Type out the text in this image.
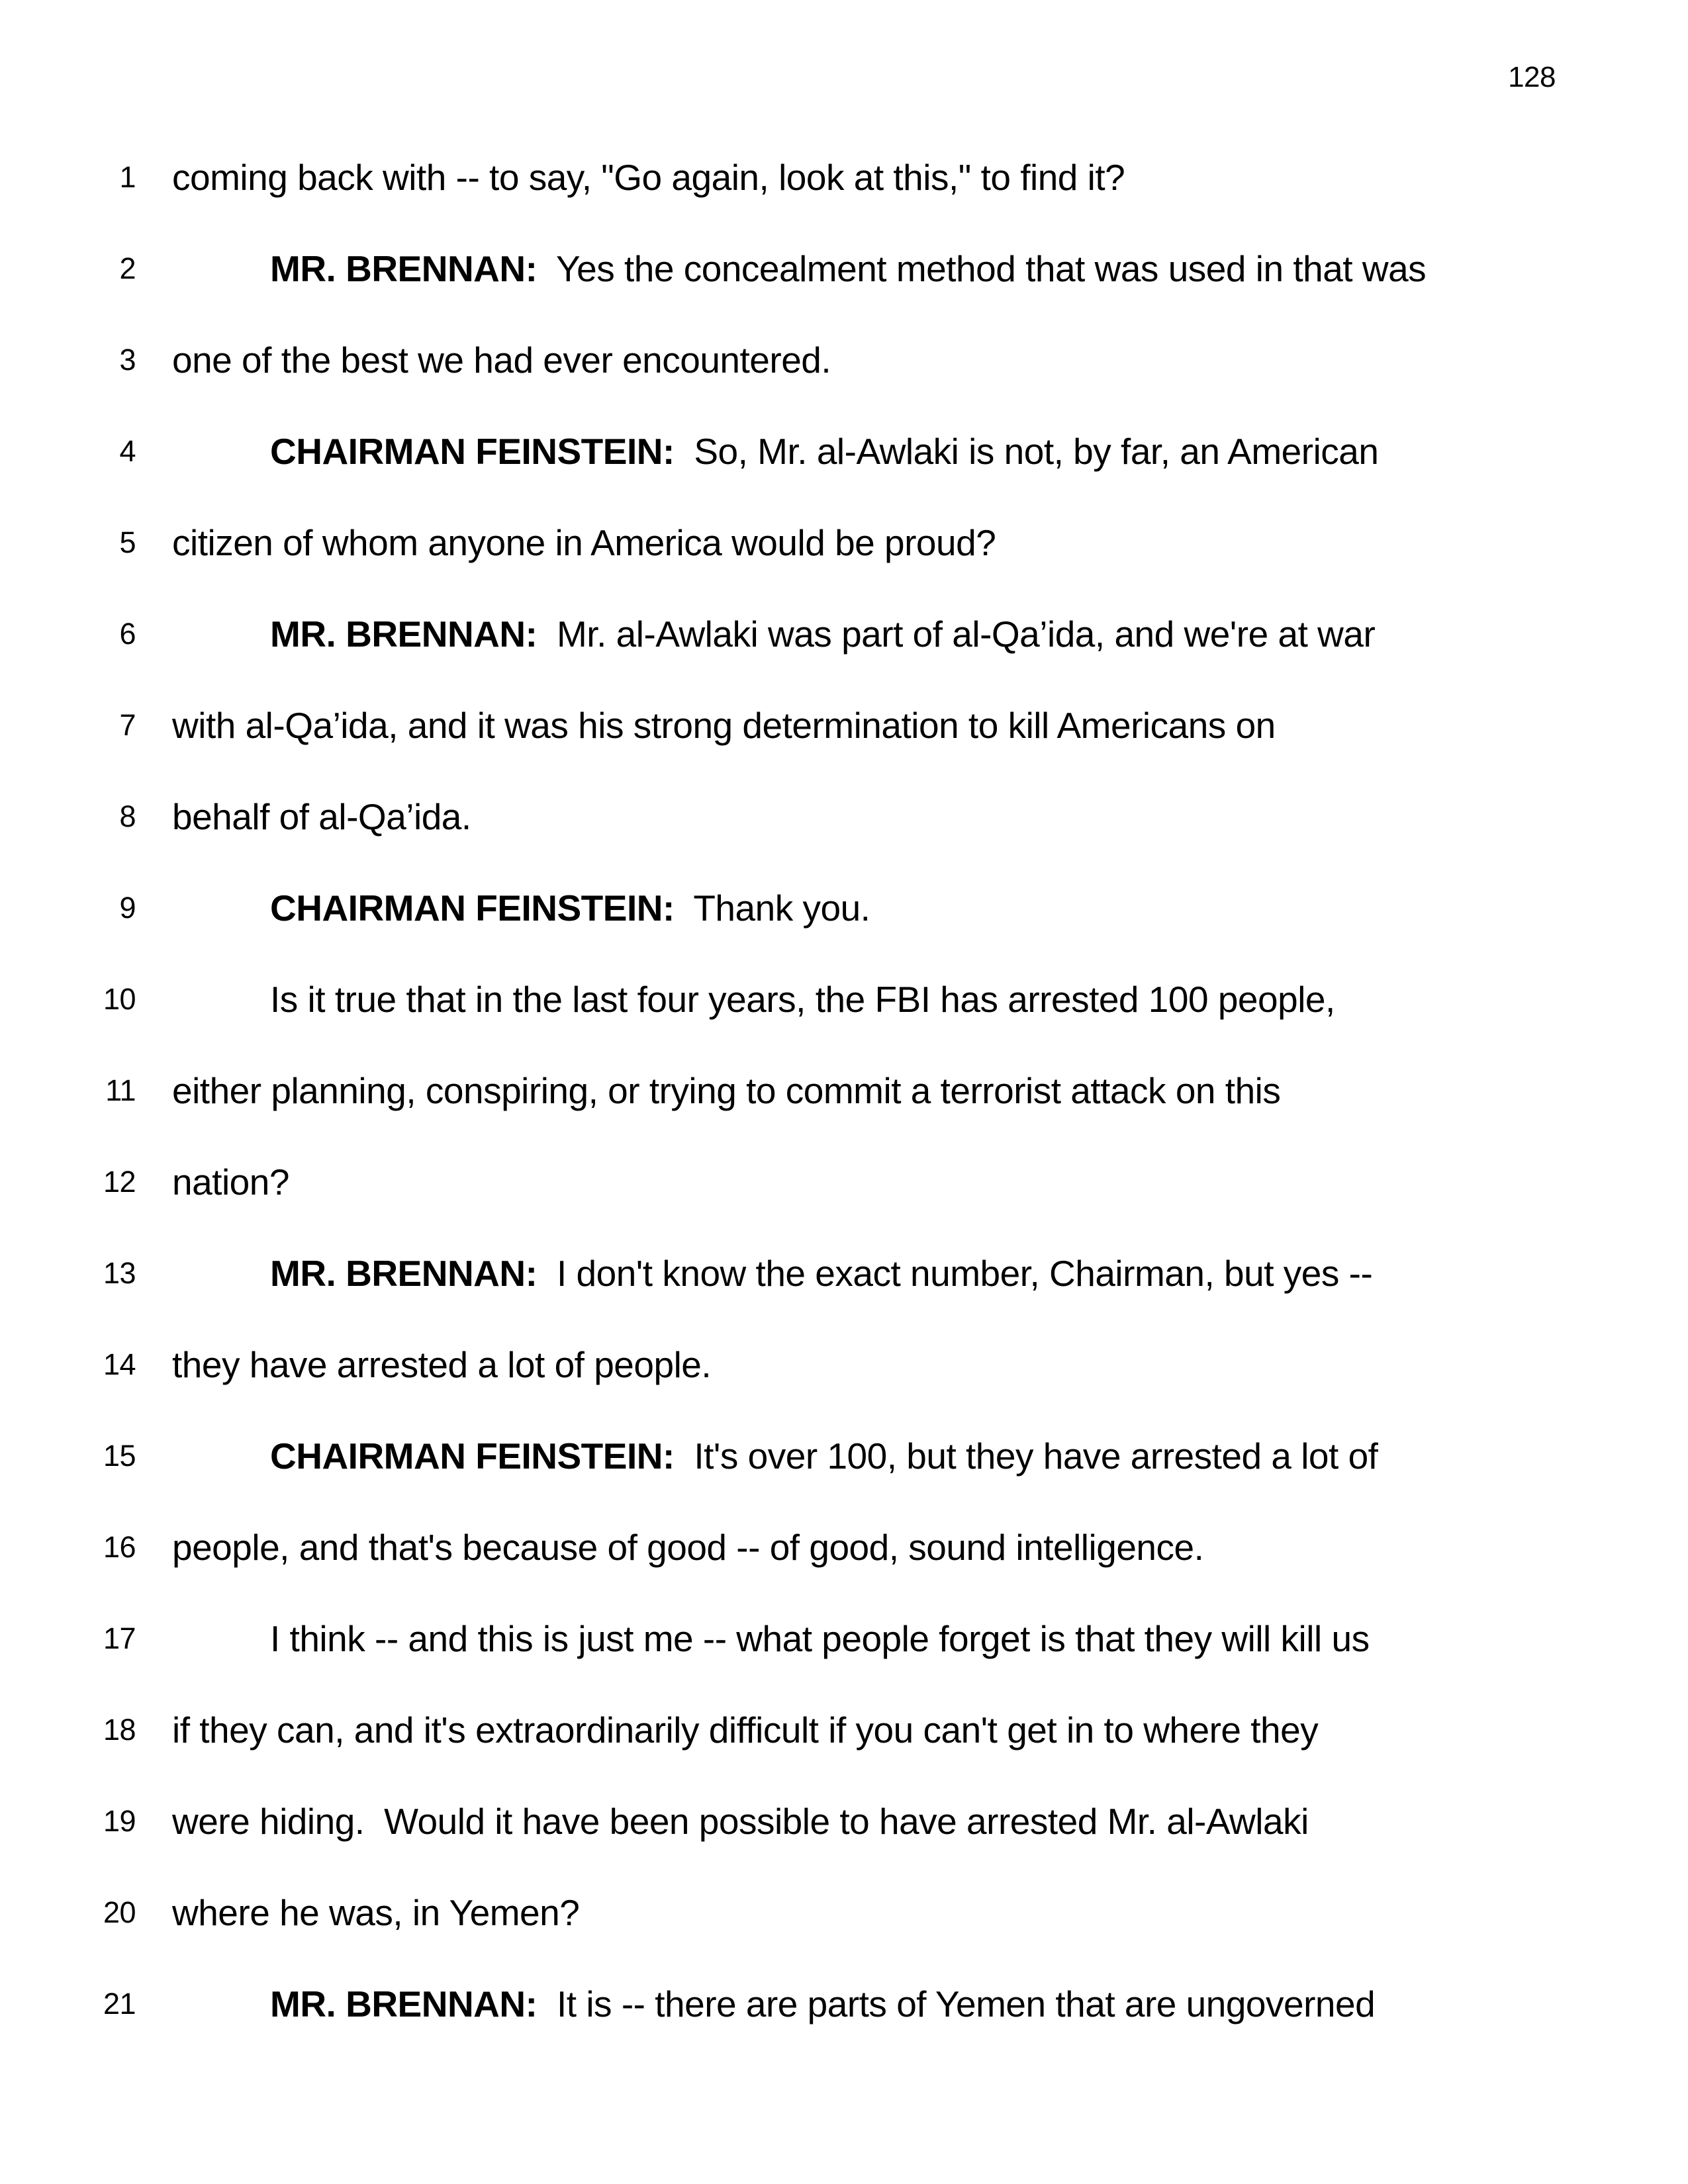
128
1	coming back with -- to say, "Go again, look at this," to find it?
2	MR. BRENNAN:  Yes the concealment method that was used in that was
3	one of the best we had ever encountered.
4	CHAIRMAN FEINSTEIN:  So, Mr. al-Awlaki is not, by far, an American
5	citizen of whom anyone in America would be proud?
6	MR. BRENNAN:  Mr. al-Awlaki was part of al-Qa’ida, and we're at war
7	with al-Qa’ida, and it was his strong determination to kill Americans on
8	behalf of al-Qa’ida.
9	CHAIRMAN FEINSTEIN:  Thank you.
10	Is it true that in the last four years, the FBI has arrested 100 people,
11	either planning, conspiring, or trying to commit a terrorist attack on this
12	nation?
13	MR. BRENNAN:  I don't know the exact number, Chairman, but yes --
14	they have arrested a lot of people.
15	CHAIRMAN FEINSTEIN:  It's over 100, but they have arrested a lot of
16	people, and that's because of good -- of good, sound intelligence.
17	I think -- and this is just me -- what people forget is that they will kill us
18	if they can, and it's extraordinarily difficult if you can't get in to where they
19	were hiding.  Would it have been possible to have arrested Mr. al-Awlaki
20	where he was, in Yemen?
21	MR. BRENNAN:  It is -- there are parts of Yemen that are ungoverned
